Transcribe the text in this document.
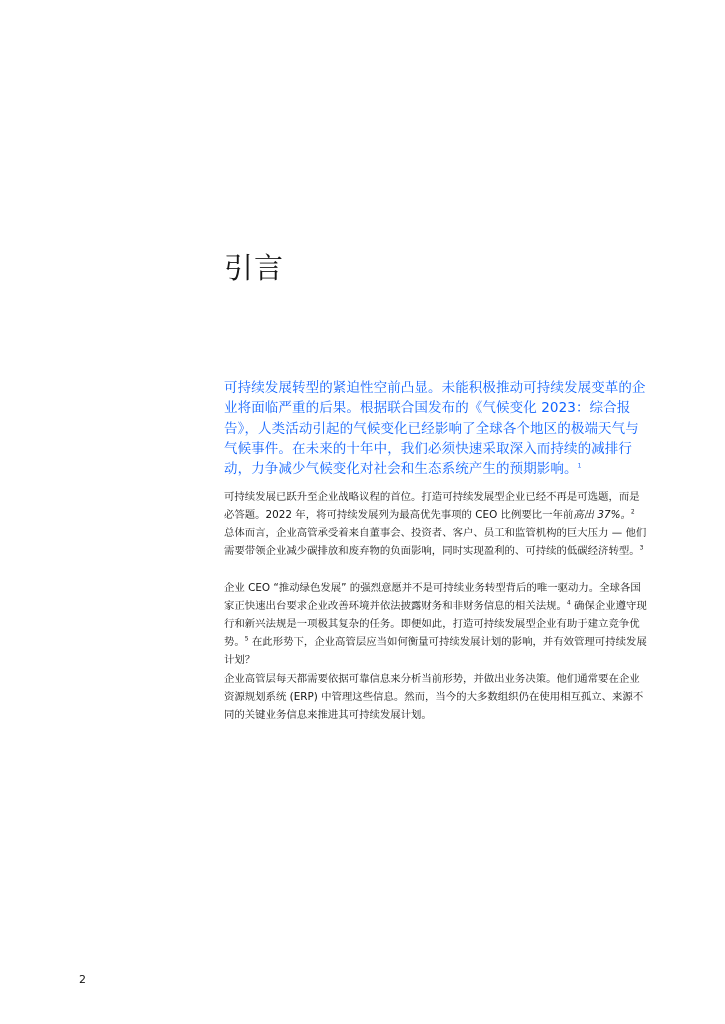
引言

可持续发展转型的紧迫性空前凸显。未能积极推动可持续发展变革的企业将面临严重的后果。根据联合国发布的《气候变化 2023：综合报告》，人类活动引起的气候变化已经影响了全球各个地区的极端天气与气候事件。在未来的十年中，我们必须快速采取深入而持续的减排行动，力争减少气候变化对社会和生态系统产生的预期影响。$^1$

可持续发展已跃升至企业战略议程的首位。打造可持续发展型企业已经不再是可选题，而是必答题。2022 年，将可持续发展列为最高优先事项的 CEO 比例要比一年前高出 37%。$^2$ 总体而言，企业高管承受着来自董事会、投资者、客户、员工和监管机构的巨大压力 — 他们需要带领企业减少碳排放和废弃物的负面影响，同时实现盈利的、可持续的低碳经济转型。$^3$

企业 CEO “推动绿色发展” 的强烈意愿并不是可持续业务转型背后的唯一驱动力。全球各国家正快速出台要求企业改善环境并依法披露财务和非财务信息的相关法规。$^4$ 确保企业遵守现行和新兴法规是一项极其复杂的任务。即便如此，打造可持续发展型企业有助于建立竞争优势。$^5$ 在此形势下，企业高管层应当如何衡量可持续发展计划的影响，并有效管理可持续发展计划？

企业高管层每天都需要依据可靠信息来分析当前形势，并做出业务决策。他们通常要在企业资源规划系统 (ERP) 中管理这些信息。然而，当今的大多数组织仍在使用相互孤立、来源不同的关键业务信息来推进其可持续发展计划。

2
